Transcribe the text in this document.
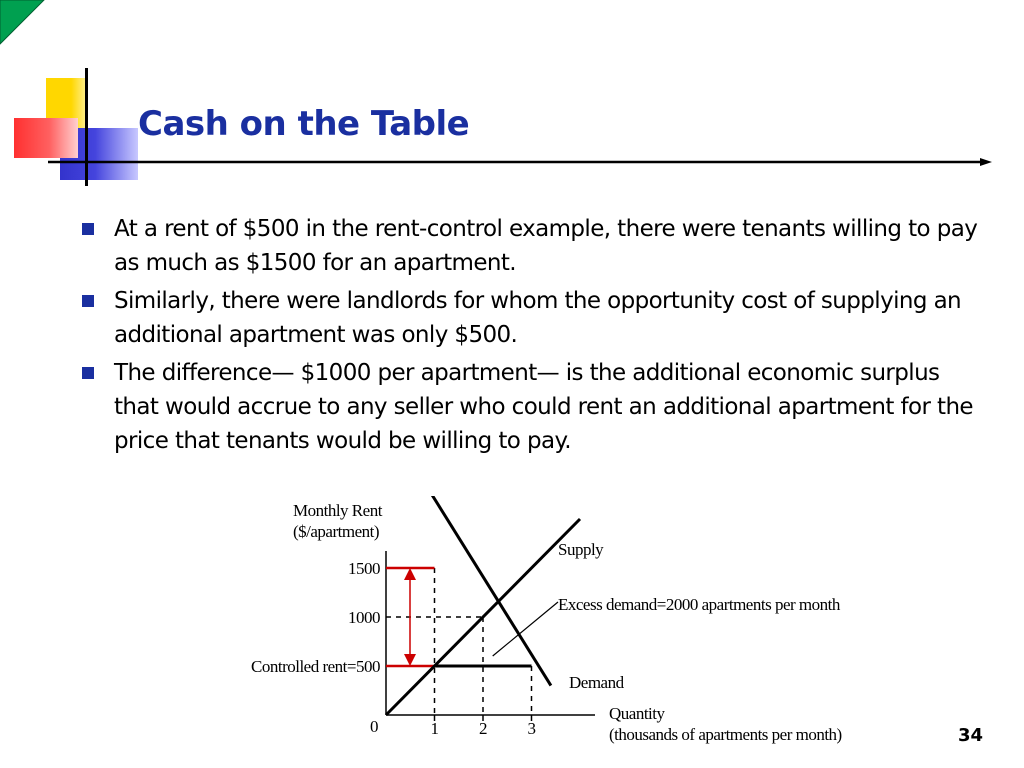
Cash on the Table
At a rent of $500 in the rent-control example, there were tenants willing to pay as much as $1500 for an apartment.
Similarly, there were landlords for whom the opportunity cost of supplying an additional apartment was only $500.
The difference— $1000 per apartment— is the additional economic surplus that would accrue to any seller who could rent an additional apartment for the price that tenants would be willing to pay.
Monthly Rent
($/apartment)
1 2 3
1500
1000
Controlled rent=500
Supply
Demand
Excess demand=2000 apartments per month
Quantity
(thousands of apartments per month)
0	34
